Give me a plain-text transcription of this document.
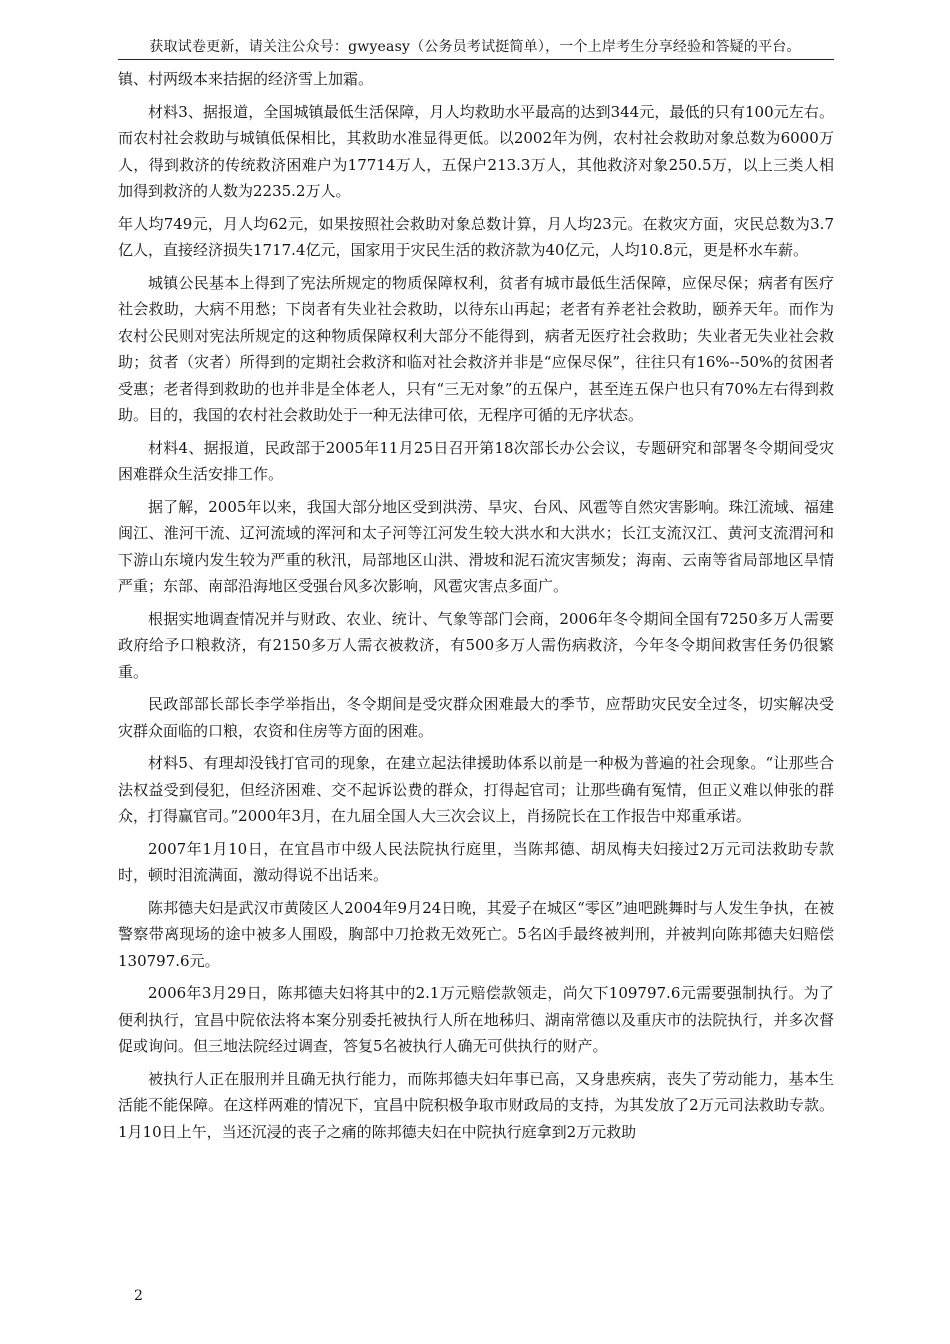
获取试卷更新，请关注公众号：gwyeasy（公务员考试挺简单），一个上岸考生分享经验和答疑的平台。

镇、村两级本来拮据的经济雪上加霜。

材料3、据报道，全国城镇最低生活保障，月人均救助水平最高的达到344元，最低的只有100元左右。而农村社会救助与城镇低保相比，其救助水准显得更低。以2002年为例，农村社会救助对象总数为6000万人，得到救济的传统救济困难户为17714万人，五保户213.3万人，其他救济对象250.5万，以上三类人相加得到救济的人数为2235.2万人。

年人均749元，月人均62元，如果按照社会救助对象总数计算，月人均23元。在救灾方面，灾民总数为3.7亿人，直接经济损失1717.4亿元，国家用于灾民生活的救济款为40亿元，人均10.8元，更是杯水车薪。

城镇公民基本上得到了宪法所规定的物质保障权利，贫者有城市最低生活保障，应保尽保；病者有医疗社会救助，大病不用愁；下岗者有失业社会救助，以待东山再起；老者有养老社会救助，颐养天年。而作为农村公民则对宪法所规定的这种物质保障权利大部分不能得到，病者无医疗社会救助；失业者无失业社会救助；贫者（灾者）所得到的定期社会救济和临对社会救济并非是“应保尽保”，往往只有16%--50%的贫困者受惠；老者得到救助的也并非是全体老人，只有“三无对象”的五保户，甚至连五保户也只有70%左右得到救助。目的，我国的农村社会救助处于一种无法律可依，无程序可循的无序状态。

材料4、据报道，民政部于2005年11月25日召开第18次部长办公会议，专题研究和部署冬令期间受灾困难群众生活安排工作。

据了解，2005年以来，我国大部分地区受到洪涝、旱灾、台风、风雹等自然灾害影响。珠江流域、福建闽江、淮河干流、辽河流域的浑河和太子河等江河发生较大洪水和大洪水；长江支流汉江、黄河支流渭河和下游山东境内发生较为严重的秋汛，局部地区山洪、滑坡和泥石流灾害频发；海南、云南等省局部地区旱情严重；东部、南部沿海地区受强台风多次影响，风雹灾害点多面广。

根据实地调查情况并与财政、农业、统计、气象等部门会商，2006年冬令期间全国有7250多万人需要政府给予口粮救济，有2150多万人需衣被救济，有500多万人需伤病救济，今年冬令期间救害任务仍很繁重。

民政部部长部长李学举指出，冬令期间是受灾群众困难最大的季节，应帮助灾民安全过冬，切实解决受灾群众面临的口粮，农资和住房等方面的困难。

材料5、有理却没钱打官司的现象，在建立起法律援助体系以前是一种极为普遍的社会现象。“让那些合法权益受到侵犯，但经济困难、交不起诉讼费的群众，打得起官司；让那些确有冤情，但正义难以伸张的群众，打得赢官司。”2000年3月，在九届全国人大三次会议上，肖扬院长在工作报告中郑重承诺。

2007年1月10日，在宜昌市中级人民法院执行庭里，当陈邦德、胡凤梅夫妇接过2万元司法救助专款时，顿时泪流满面，激动得说不出话来。

陈邦德夫妇是武汉市黄陵区人2004年9月24日晚，其爱子在城区“零区”迪吧跳舞时与人发生争执，在被警察带离现场的途中被多人围殴，胸部中刀抢救无效死亡。5名凶手最终被判刑，并被判向陈邦德夫妇赔偿130797.6元。

2006年3月29日，陈邦德夫妇将其中的2.1万元赔偿款领走，尚欠下109797.6元需要强制执行。为了便利执行，宜昌中院依法将本案分别委托被执行人所在地秭归、湖南常德以及重庆市的法院执行，并多次督促或询问。但三地法院经过调查，答复5名被执行人确无可供执行的财产。

被执行人正在服刑并且确无执行能力，而陈邦德夫妇年事已高，又身患疾病，丧失了劳动能力，基本生活能不能保障。在这样两难的情况下，宜昌中院积极争取市财政局的支持，为其发放了2万元司法救助专款。1月10日上午，当还沉浸的丧子之痛的陈邦德夫妇在中院执行庭拿到2万元救助

2
